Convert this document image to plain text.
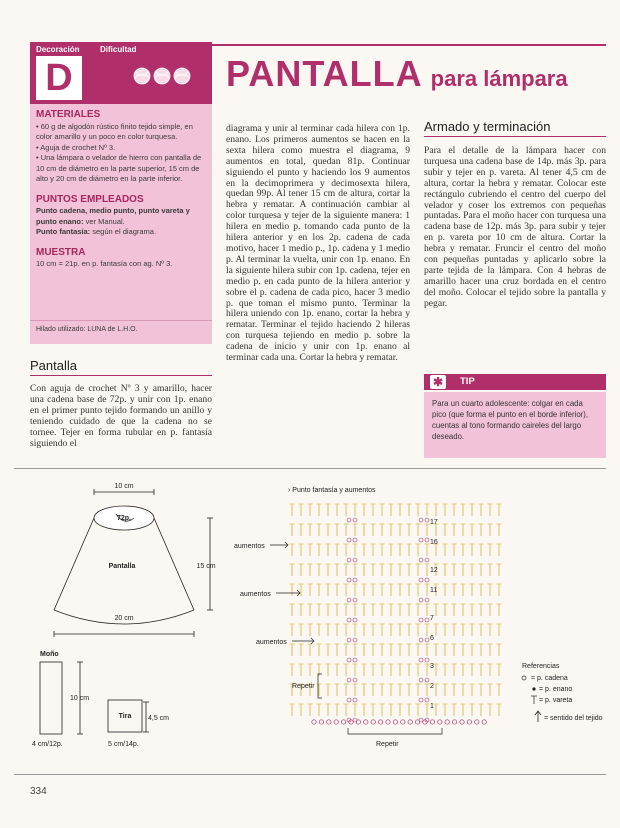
Decoración	Dificultad
D	PANTALLA para lámpara
MATERIALES

• 60 g de algodón rústico finito tejido simple, en color amarillo y un poco en color turquesa.

• Aguja de crochet Nº 3.

• Una lámpara o velador de hierro con pantalla de 10 cm de diámetro en la parte superior, 15 cm de alto y 20 cm de diámetro en la parte inferior.

PUNTOS EMPLEADOS

Punto cadena, medio punto, punto vareta y punto enano: ver Manual.

Punto fantasía: según el diagrama.

MUESTRA

10 cm = 21p. en p. fantasía con ag. Nº 3.

Hilado utilizado: LUNA de L.H.O.
Pantalla

Con aguja de crochet Nº 3 y amarillo, hacer una cadena base de 72p. y unir con 1p. enano en el primer punto tejido formando un anillo y teniendo cuidado de que la cadena no se tornee. Tejer en forma tubular en p. fantasía siguiendo el

diagrama y unir al terminar cada hilera con 1p. enano. Los primeros aumentos se hacen en la sexta hilera como muestra el diagrama, 9 aumentos en total, quedan 81p. Continuar siguiendo el punto y haciendo los 9 aumentos en la decimoprimera y decimosexta hilera, quedan 99p. Al tener 15 cm de altura, cortar la hebra y rematar. A continuación cambiar al color turquesa y tejer de la siguiente manera: 1 hilera en medio p. tomando cada punto de la hilera anterior y en los 2p. cadena de cada motivo, hacer 1 medio p., 1p. cadena y 1 medio p. Al terminar la vuelta, unir con 1p. enano. En la siguiente hilera subir con 1p. cadena, tejer en medio p. en cada punto de la hilera anterior y sobre el p. cadena de cada pico, hacer 3 medio p. que toman el mismo punto. Terminar la hilera uniendo con 1p. enano, cortar la hebra y rematar. Terminar el tejido haciendo 2 hileras con turquesa tejiendo en medio p. sobre la cadena de inicio y unir con 1p. enano al terminar cada una. Cortar la hebra y rematar.

Armado y terminación

Para el detalle de la lámpara hacer con turquesa una cadena base de 14p. más 3p. para subir y tejer en p. vareta. Al tener 4,5 cm de altura, cortar la hebra y rematar. Colocar este rectángulo cubriendo el centro del cuerpo del velador y coser los extremos con pequeñas puntadas. Para el moño hacer con turquesa una cadena base de 12p. más 3p. para subir y tejer en p. vareta por 10 cm de altura. Cortar la hebra y rematar. Fruncir el centro del moño con pequeñas puntadas y aplicarlo sobre la parte tejida de la lámpara. Con 4 hebras de amarillo hacer una cruz bordada en el centro del moño. Colocar el tejido sobre la pantalla y pegar.

✱	TIP
Para un cuarto adolescente: colgar en cada pico (que forma el punto en el borde inferior), cuentas al tono formando caireles del largo deseado.
10 cm
72p.
Pantalla	15 cm
20 cm
Moño
10 cm
4 cm/12p.
Tira 4,5 cm
5 cm/14p.
› Punto fantasía y aumentos
aumentos
aumentos
aumentos
Repetir
Repetir
17
16
12
11
7
6
3
2
1
Referencias
= p. cadena
= p. enano
= p. vareta
= sentido del tejido
334
